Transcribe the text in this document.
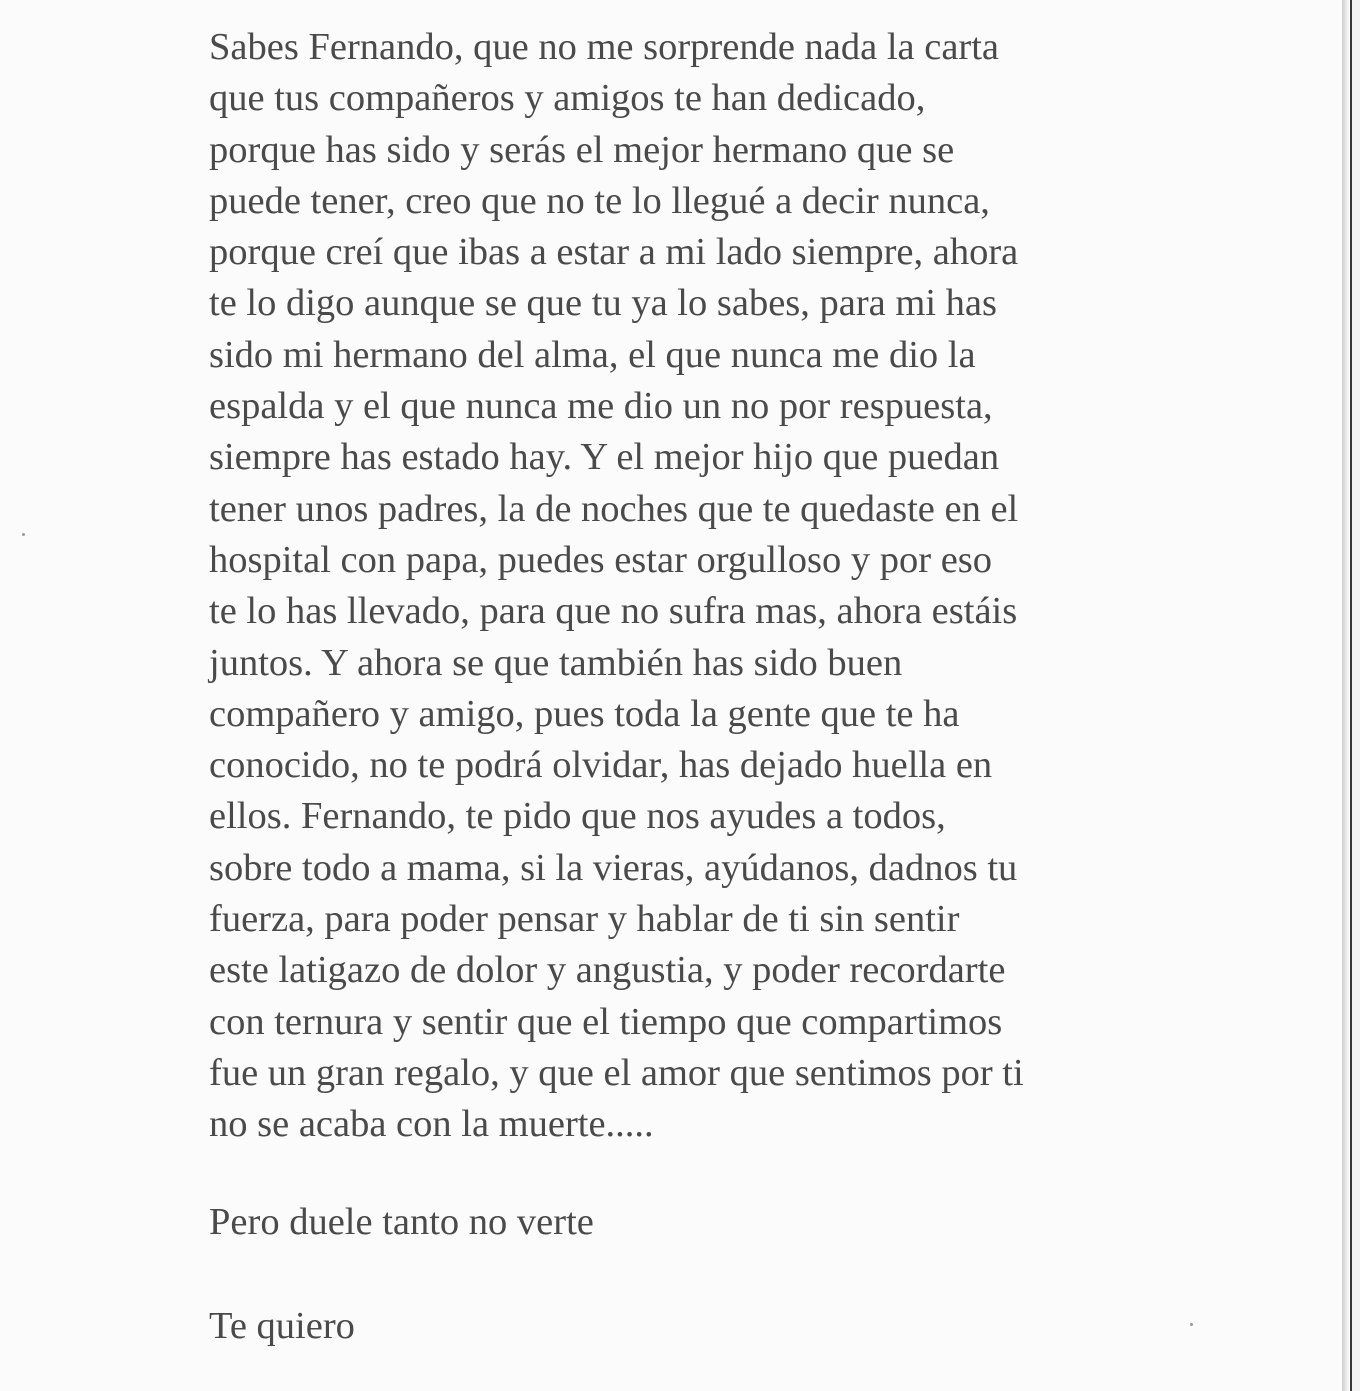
Sabes Fernando, que no me sorprende nada la carta
que tus compañeros y amigos te han dedicado,
porque has sido y serás el mejor hermano que se
puede tener, creo que no te lo llegué a decir nunca,
porque creí que ibas a estar a mi lado siempre, ahora
te lo digo aunque se que tu ya lo sabes, para mi has
sido mi hermano del alma, el que nunca me dio la
espalda y el que nunca me dio un no por respuesta,
siempre has estado hay. Y el mejor hijo que puedan
tener unos padres, la de noches que te quedaste en el
hospital con papa, puedes estar orgulloso y por eso
te lo has llevado, para que no sufra mas, ahora estáis
juntos. Y ahora se que también has sido buen
compañero y amigo, pues toda la gente que te ha
conocido, no te podrá olvidar, has dejado huella en
ellos. Fernando, te pido que nos ayudes a todos,
sobre todo a mama, si la vieras, ayúdanos, dadnos tu
fuerza, para poder pensar y hablar de ti sin sentir
este latigazo de dolor y angustia, y poder recordarte
con ternura y sentir que el tiempo que compartimos
fue un gran regalo, y que el amor que sentimos por ti
no se acaba con la muerte.....
Pero duele tanto no verte
Te quiero
